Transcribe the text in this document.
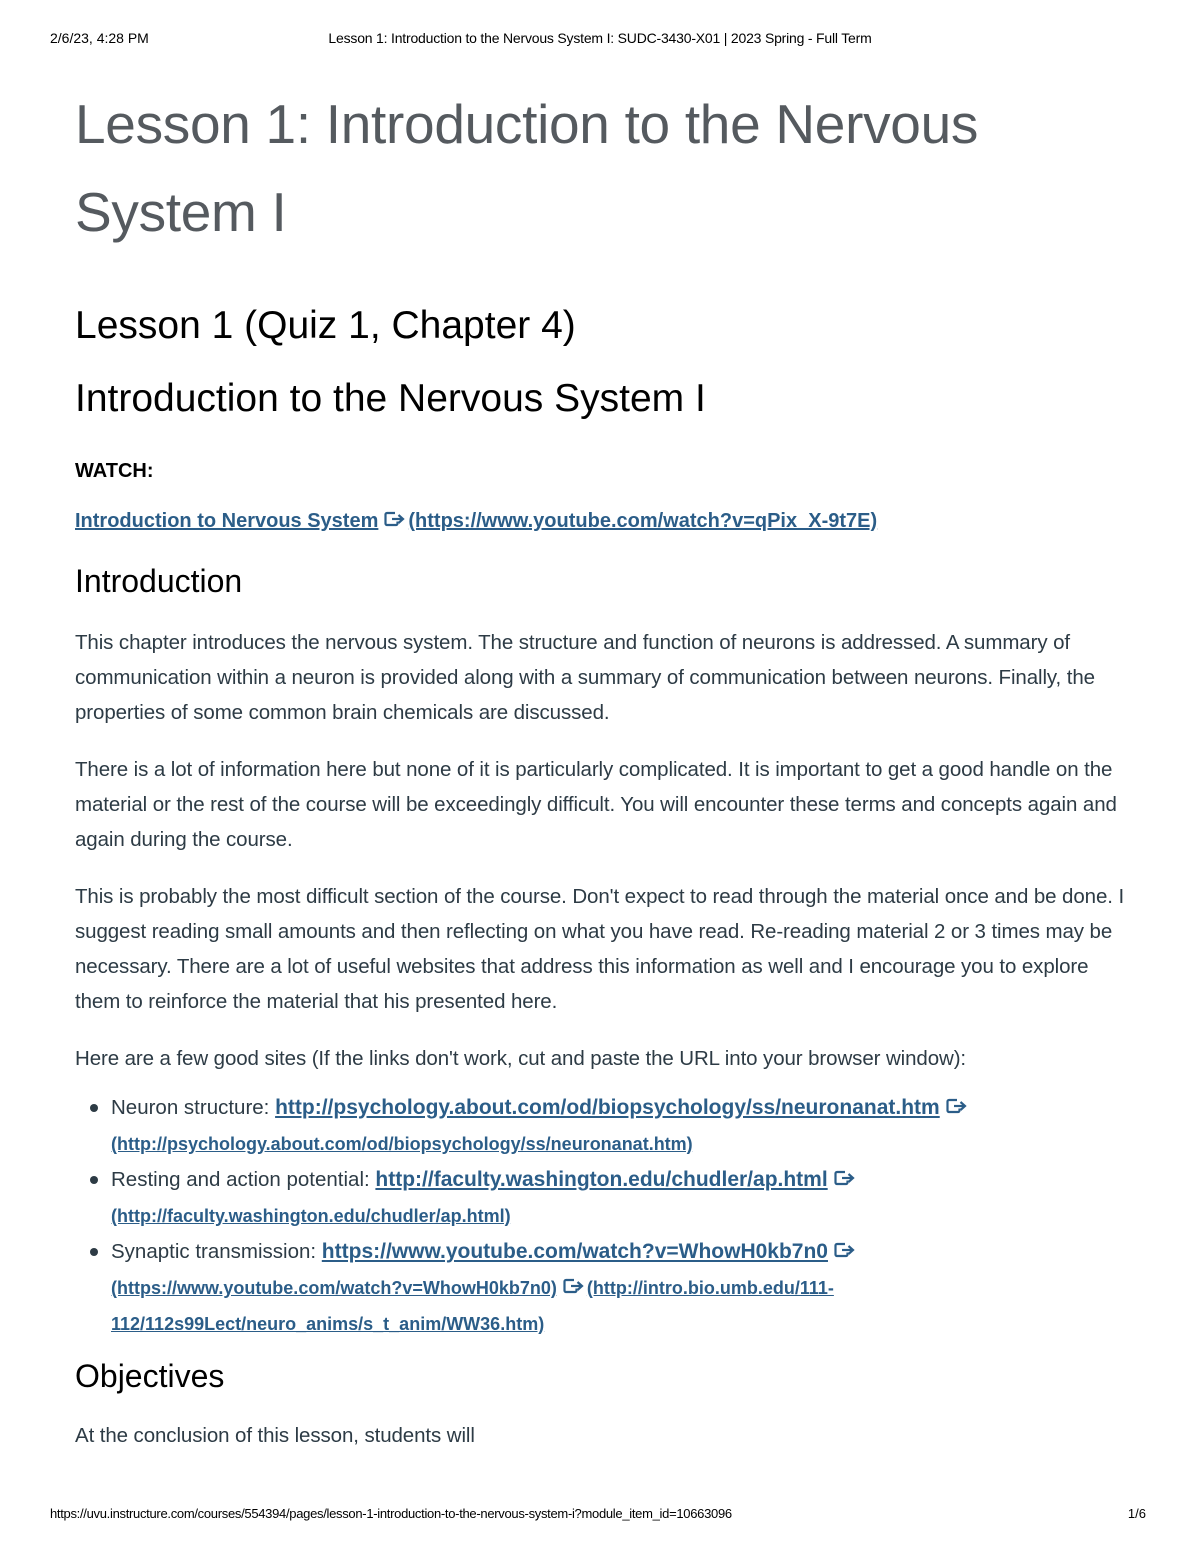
2/6/23, 4:28 PM	Lesson 1: Introduction to the Nervous System I: SUDC-3430-X01 | 2023 Spring - Full Term
Lesson 1: Introduction to the Nervous System I
Lesson 1 (Quiz 1, Chapter 4)
Introduction to the Nervous System I
WATCH:
Introduction to Nervous System (https://www.youtube.com/watch?v=qPix_X-9t7E)
Introduction

This chapter introduces the nervous system. The structure and function of neurons is addressed. A summary of communication within a neuron is provided along with a summary of communication between neurons. Finally, the properties of some common brain chemicals are discussed.

There is a lot of information here but none of it is particularly complicated. It is important to get a good handle on the material or the rest of the course will be exceedingly difficult. You will encounter these terms and concepts again and again during the course.

This is probably the most difficult section of the course. Don't expect to read through the material once and be done. I suggest reading small amounts and then reflecting on what you have read. Re-reading material 2 or 3 times may be necessary. There are a lot of useful websites that address this information as well and I encourage you to explore them to reinforce the material that his presented here.

Here are a few good sites (If the links don't work, cut and paste the URL into your browser window):

Neuron structure: http://psychology.about.com/od/biopsychology/ss/neuronanat.htm
(http://psychology.about.com/od/biopsychology/ss/neuronanat.htm)
Resting and action potential: http://faculty.washington.edu/chudler/ap.html
(http://faculty.washington.edu/chudler/ap.html)
Synaptic transmission: https://www.youtube.com/watch?v=WhowH0kb7n0
(https://www.youtube.com/watch?v=WhowH0kb7n0) (http://intro.bio.umb.edu/111-112/112s99Lect/neuro_anims/s_t_anim/WW36.htm)
Objectives

At the conclusion of this lesson, students will

https://uvu.instructure.com/courses/554394/pages/lesson-1-introduction-to-the-nervous-system-i?module_item_id=10663096	1/6
